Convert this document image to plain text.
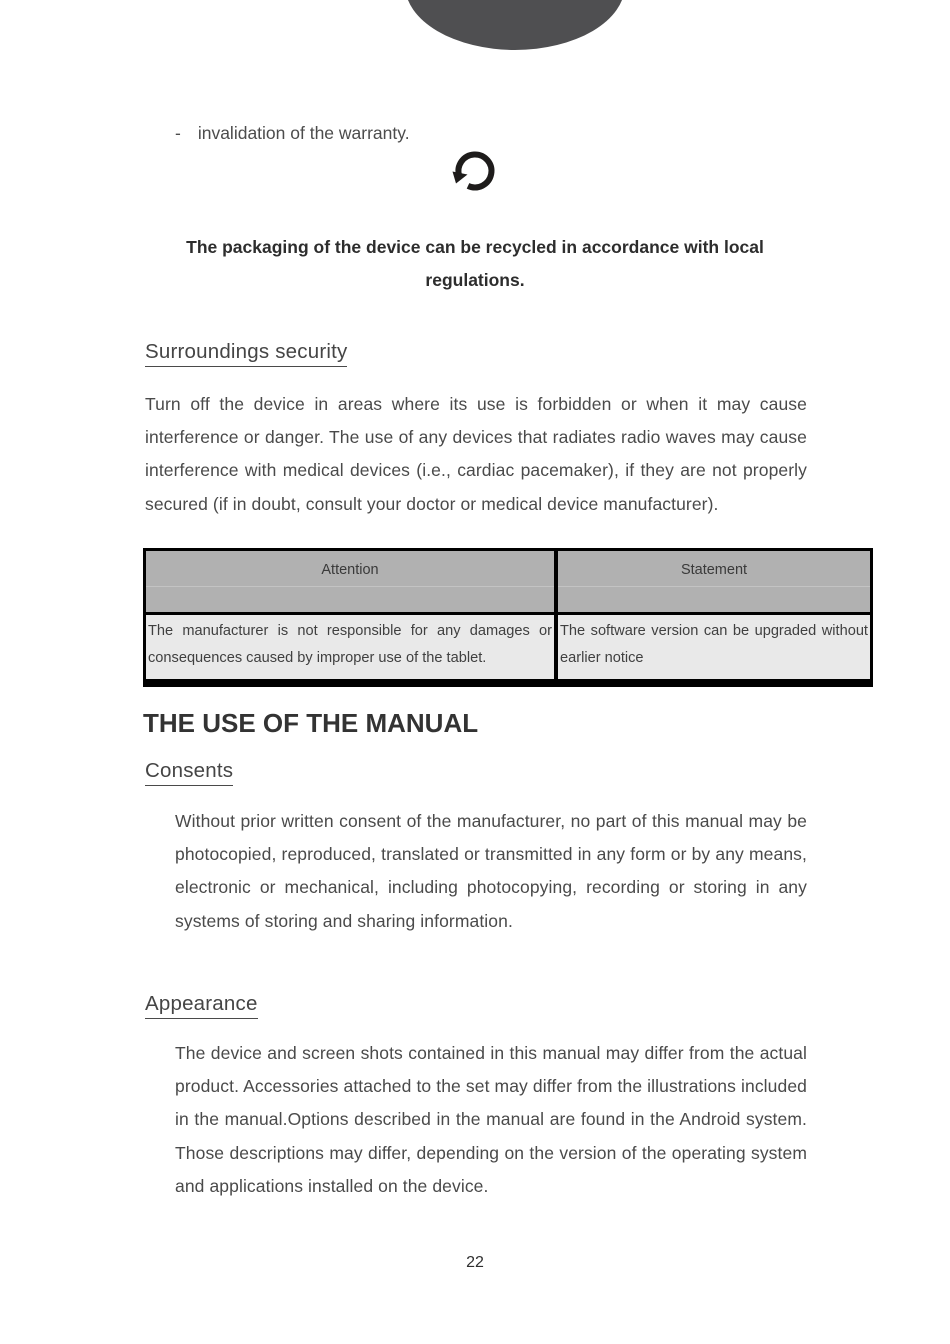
- invalidation of the warranty.
The packaging of the device can be recycled in accordance with local regulations.
Surroundings security
Turn off the device in areas where its use is forbidden or when it may cause interference or danger. The use of any devices that radiates radio waves may cause interference with medical devices (i.e., cardiac pacemaker), if they are not properly secured (if in doubt, consult your doctor or medical device manufacturer).
Attention	Statement
The manufacturer is not responsible for any damages or consequences caused by improper use of the tablet.
The software version can be upgraded without earlier notice
THE USE OF THE MANUAL
Consents
Without prior written consent of the manufacturer, no part of this manual may be photocopied, reproduced, translated or transmitted in any form or by any means, electronic or mechanical, including photocopying, recording or storing in any systems of storing and sharing information.
Appearance
The device and screen shots contained in this manual may differ from the actual product. Accessories attached to the set may differ from the illustrations included in the manual.Options described in the manual are found in the Android system. Those descriptions may differ, depending on the version of the operating system and applications installed on the device.
22
